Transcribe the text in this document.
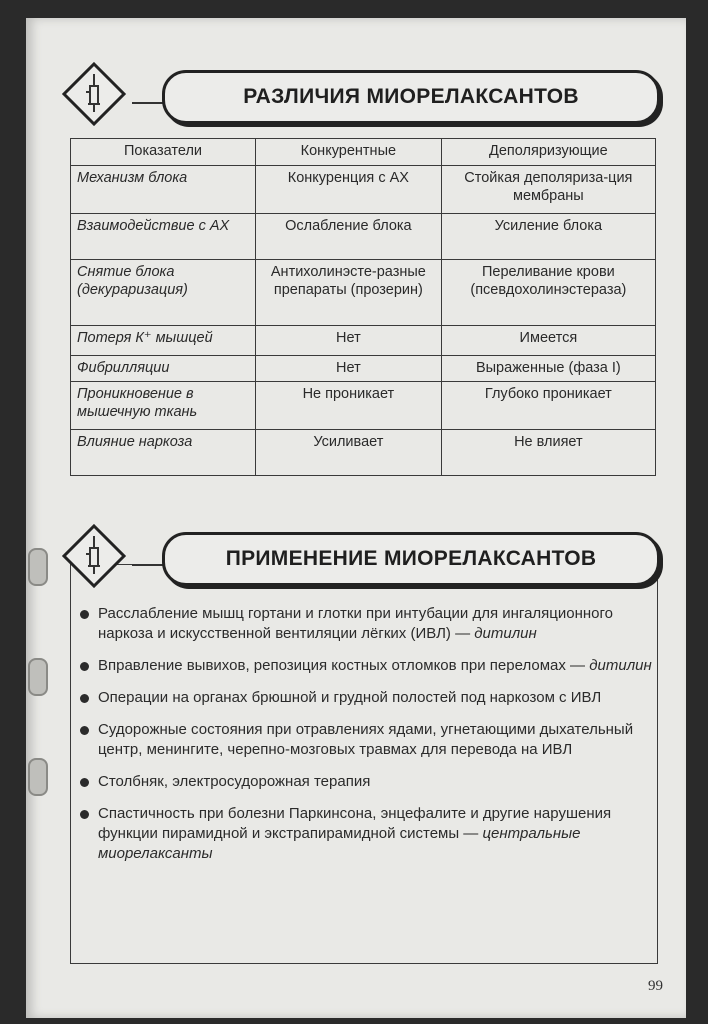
РАЗЛИЧИЯ МИОРЕЛАКСАНТОВ
Показатели	Конкурентные	Деполяризующие
Механизм блока	Конкуренция с АХ	Стойкая деполяриза-ция мембраны
Взаимодействие с АХ	Ослабление блока	Усиление блока
Снятие блока (декураризация)	Антихолинэсте-разные препараты (прозерин)	Переливание крови (псевдохолинэстераза)
Потеря К⁺ мышцей	Нет	Имеется
Фибрилляции	Нет	Выраженные (фаза I)
Проникновение в мышечную ткань	Не проникает	Глубоко проникает
Влияние наркоза	Усиливает	Не влияет
ПРИМЕНЕНИЕ МИОРЕЛАКСАНТОВ
Расслабление мышц гортани и глотки при интубации для ингаляционного наркоза и искусственной вентиляции лёгких (ИВЛ) — дитилин
Вправление вывихов, репозиция костных отломков при переломах — дитилин
Операции на органах брюшной и грудной полостей под наркозом с ИВЛ
Судорожные состояния при отравлениях ядами, угнетающими дыхательный центр, менингите, черепно-мозговых травмах для перевода на ИВЛ
Столбняк, электросудорожная терапия
Спастичность при болезни Паркинсона, энцефалите и другие нарушения функции пирамидной и экстрапирамидной системы — центральные миорелаксанты
99
